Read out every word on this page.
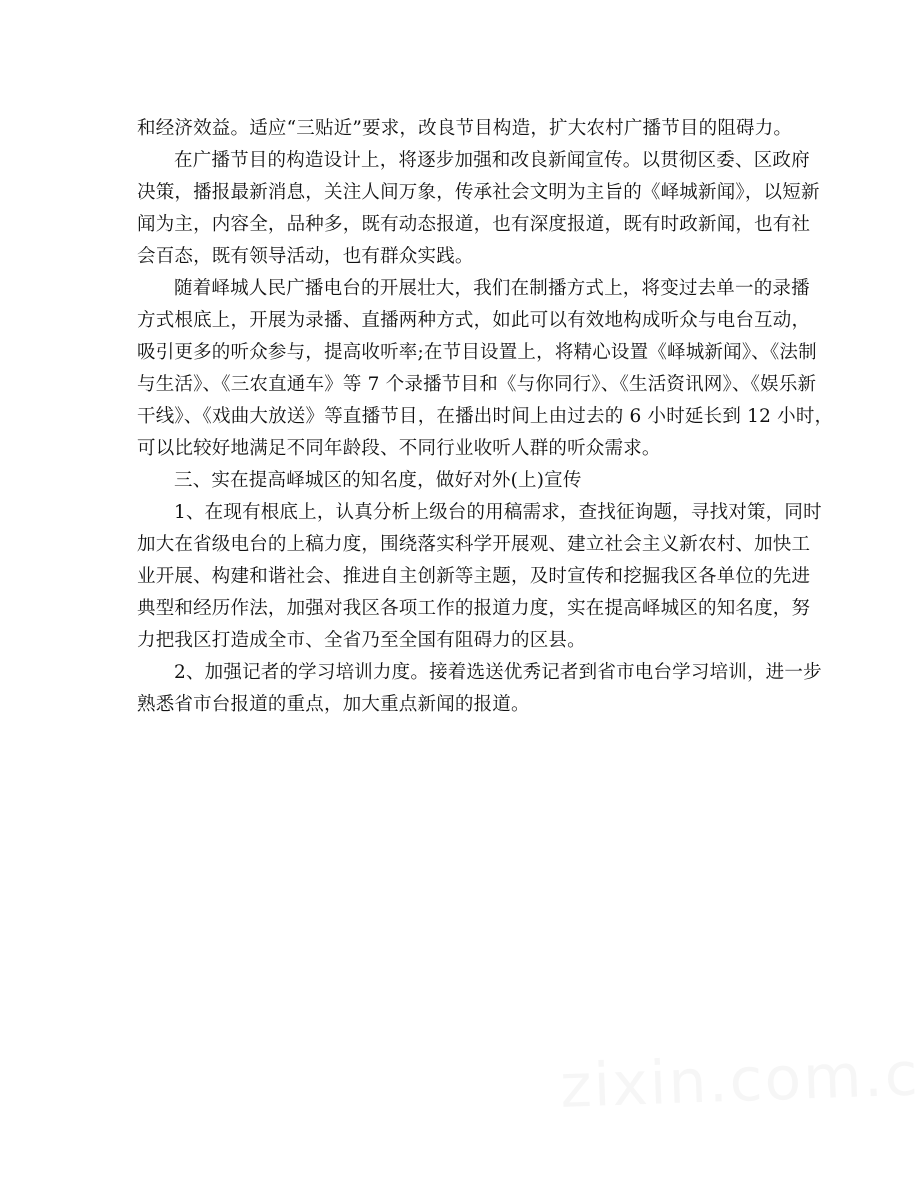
和经济效益。适应“三贴近”要求，改良节目构造，扩大农村广播节目的阻碍力。
在广播节目的构造设计上，将逐步加强和改良新闻宣传。以贯彻区委、区政府
决策，播报最新消息，关注人间万象，传承社会文明为主旨的《峄城新闻》，以短新
闻为主，内容全，品种多，既有动态报道，也有深度报道，既有时政新闻，也有社
会百态，既有领导活动，也有群众实践。
随着峄城人民广播电台的开展壮大，我们在制播方式上，将变过去单一的录播
方式根底上，开展为录播、直播两种方式，如此可以有效地构成听众与电台互动，
吸引更多的听众参与，提高收听率;在节目设置上，将精心设置《峄城新闻》、《法制
与生活》、《三农直通车》等 7 个录播节目和《与你同行》、《生活资讯网》、《娱乐新
干线》、《戏曲大放送》等直播节目，在播出时间上由过去的 6 小时延长到 12 小时，
可以比较好地满足不同年龄段、不同行业收听人群的听众需求。
三、实在提高峄城区的知名度，做好对外(上)宣传
1、在现有根底上，认真分析上级台的用稿需求，查找征询题，寻找对策，同时
加大在省级电台的上稿力度，围绕落实科学开展观、建立社会主义新农村、加快工
业开展、构建和谐社会、推进自主创新等主题，及时宣传和挖掘我区各单位的先进
典型和经历作法，加强对我区各项工作的报道力度，实在提高峄城区的知名度，努
力把我区打造成全市、全省乃至全国有阻碍力的区县。
2、加强记者的学习培训力度。接着选送优秀记者到省市电台学习培训，进一步
熟悉省市台报道的重点，加大重点新闻的报道。
